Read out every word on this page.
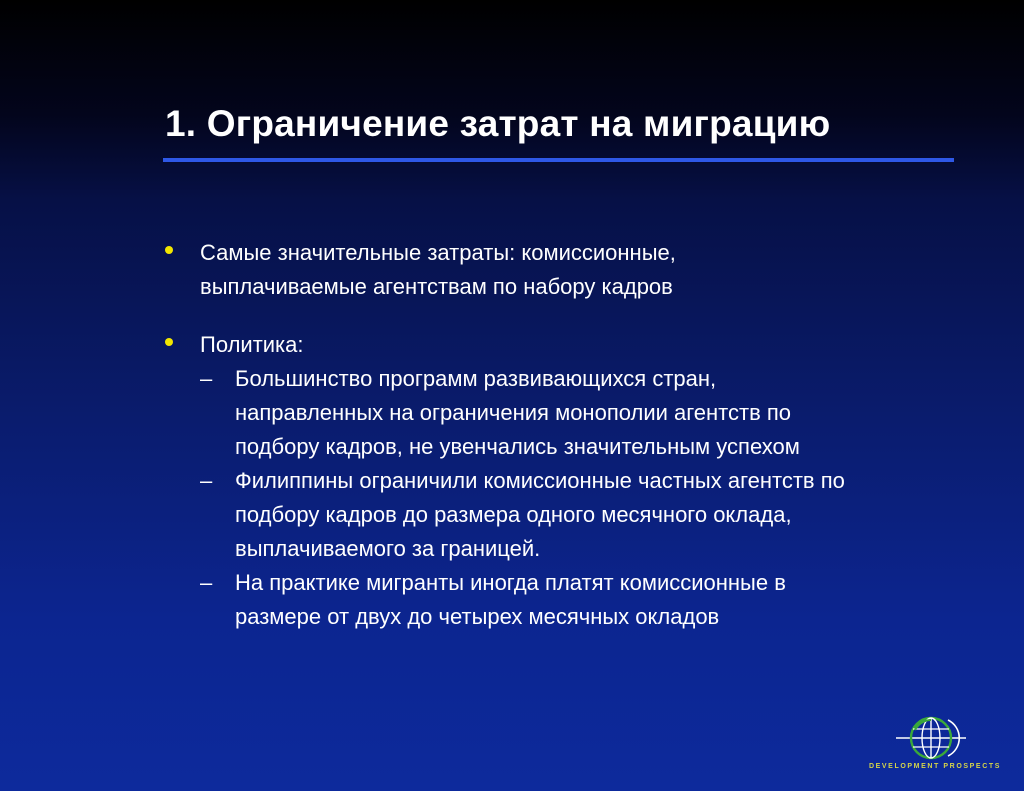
1. Ограничение затрат на миграцию
Самые значительные затраты: комиссионные,
выплачиваемые агентствам по набору кадров
Политика:
– Большинство программ развивающихся стран,
направленных на ограничения монополии агентств по
подбору кадров, не увенчались значительным успехом
– Филиппины ограничили комиссионные частных агентств по
подбору кадров до размера одного месячного оклада,
выплачиваемого за границей.
– На практике мигранты иногда платят комиссионные в
размере от двух до четырех месячных окладов
DEVELOPMENT PROSPECTS
